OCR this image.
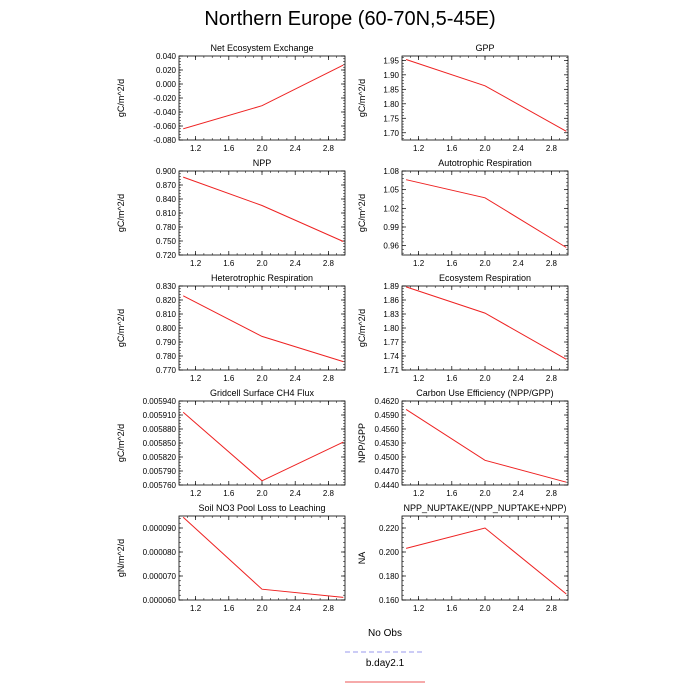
Northern Europe (60-70N,5-45E)
Net Ecosystem Exchange
gC/m^2/d
1.2	1.6	2.0	2.4	2.8
0.040
0.020
0.000
-0.020
-0.040
-0.060
-0.080
GPP
gC/m^2/d
1.2	1.6	2.0	2.4	2.8
1.95
1.90
1.85
1.80
1.75
1.70
NPP
gC/m^2/d
1.2	1.6	2.0	2.4	2.8
0.900
0.870
0.840
0.810
0.780
0.750
0.720
Autotrophic Respiration
gC/m^2/d
1.2	1.6	2.0	2.4	2.8
1.08
1.05
1.02
0.99
0.96
Heterotrophic Respiration
gC/m^2/d
1.2	1.6	2.0	2.4	2.8
0.830
0.820
0.810
0.800
0.790
0.780
0.770
Ecosystem Respiration
gC/m^2/d
1.2	1.6	2.0	2.4	2.8
1.89
1.86
1.83
1.80
1.77
1.74
1.71
Gridcell Surface CH4 Flux
gC/m^2/d
1.2	1.6	2.0	2.4	2.8
0.005940
0.005910
0.005880
0.005850
0.005820
0.005790
0.005760
Carbon Use Efficiency (NPP/GPP)
NPP/GPP
1.2	1.6	2.0	2.4	2.8
0.4620
0.4590
0.4560
0.4530
0.4500
0.4470
0.4440
Soil NO3 Pool Loss to Leaching
gN/m^2/d
1.2	1.6	2.0	2.4	2.8
0.000090
0.000080
0.000070
0.000060
NPP_NUPTAKE/(NPP_NUPTAKE+NPP)
NA
1.2	1.6	2.0	2.4	2.8
0.220
0.200
0.180
0.160
No Obs
b.day2.1
